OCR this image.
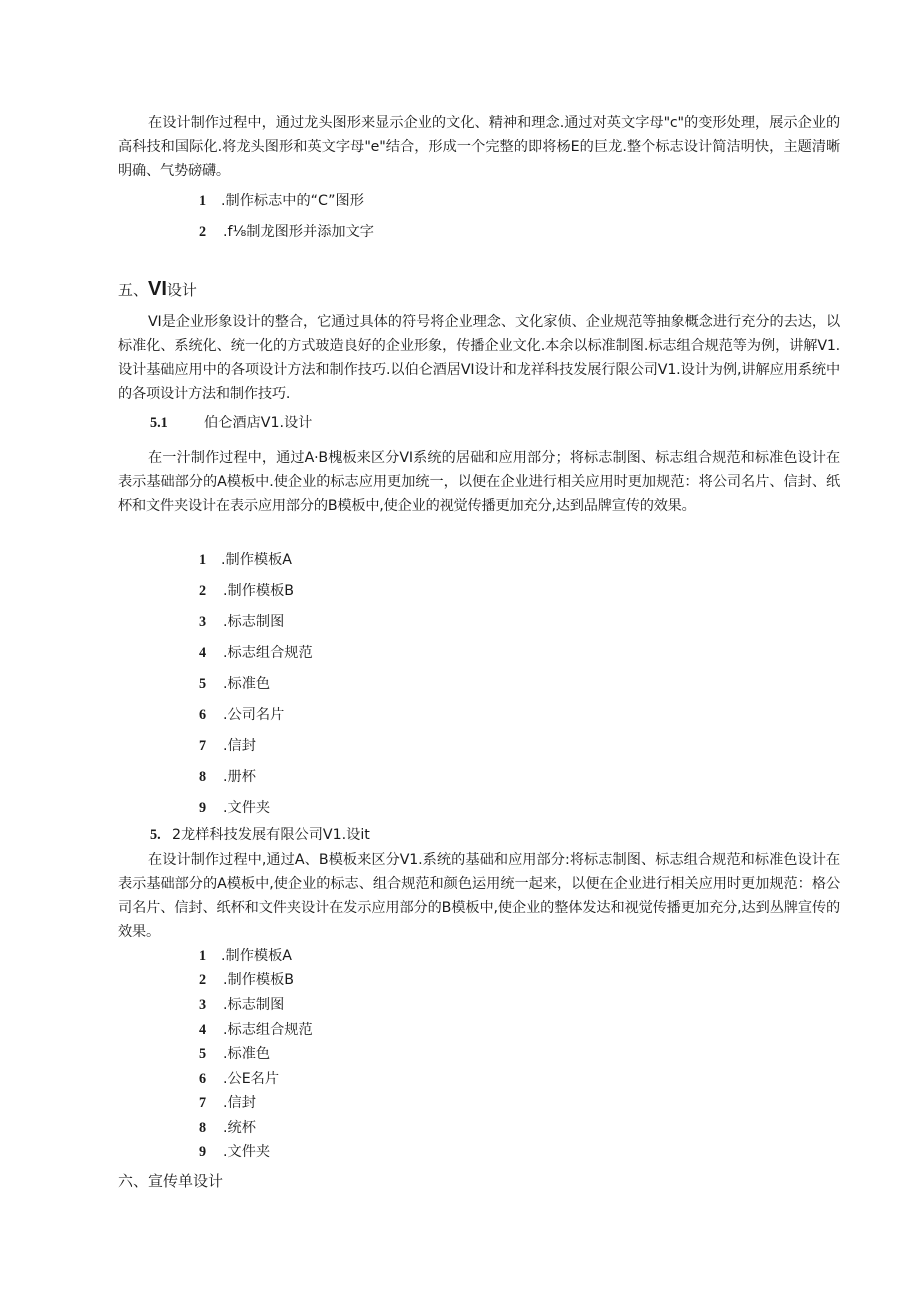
在设计制作过程中，通过龙头图形来显示企业的文化、精神和理念.通过对英文字母"c"的变形处理，展示企业的高科技和国际化.将龙头图形和英文字母"e"结合，形成一个完整的即将杨E的巨龙.整个标志设计简洁明快，主题清晰明确、气势磅礴。

1 .制作标志中的“C”图形
2 .f⅛制龙图形并添加文字
五、VI设计

VI是企业形象设计的整合，它通过具体的符号将企业理念、文化家侦、企业规范等抽象概念进行充分的去达，以标准化、系统化、统一化的方式玻造良好的企业形象，传播企业文化.本余以标准制图.标志组合规范等为例，讲解V1.设计基础应用中的各项设计方法和制作技巧.以伯仑酒居VI设计和龙祥科技发展行限公司V1.设计为例,讲解应用系统中的各项设计方法和制作技巧.

5.1	伯仑酒店V1.设计

在一汁制作过程中，通过A·B槐板来区分VI系统的居础和应用部分；将标志制图、标志组合规范和标准色设计在表示基础部分的A模板中.使企业的标志应用更加统一，以便在企业进行相关应用时更加规范：将公司名片、信封、纸杯和文件夹设计在表示应用部分的B模板中,使企业的视觉传播更加充分,达到品牌宣传的效果。

1 .制作模板A
2 .制作模板B
3 .标志制图
4 .标志组合规范
5 .标准色
6 .公司名片
7 .信封
8 .册杯
9 .文件夹
5. 2龙样科技发展有限公司V1.设it

在设计制作过程中,通过A、B模板来区分V1.系统的基础和应用部分:将标志制图、标志组合规范和标准色设计在表示基础部分的A模板中,使企业的标志、组合规范和颜色运用统一起来，以便在企业进行相关应用时更加规范：格公司名片、信封、纸杯和文件夹设计在发示应用部分的B模板中,使企业的整体发达和视觉传播更加充分,达到丛牌宣传的效果。

1 .制作模板A
2 .制作模板B
3 .标志制图
4 .标志组合规范
5 .标准色
6 .公E名片
7 .信封
8 .统杯
9 .文件夹
六、宣传单设计
